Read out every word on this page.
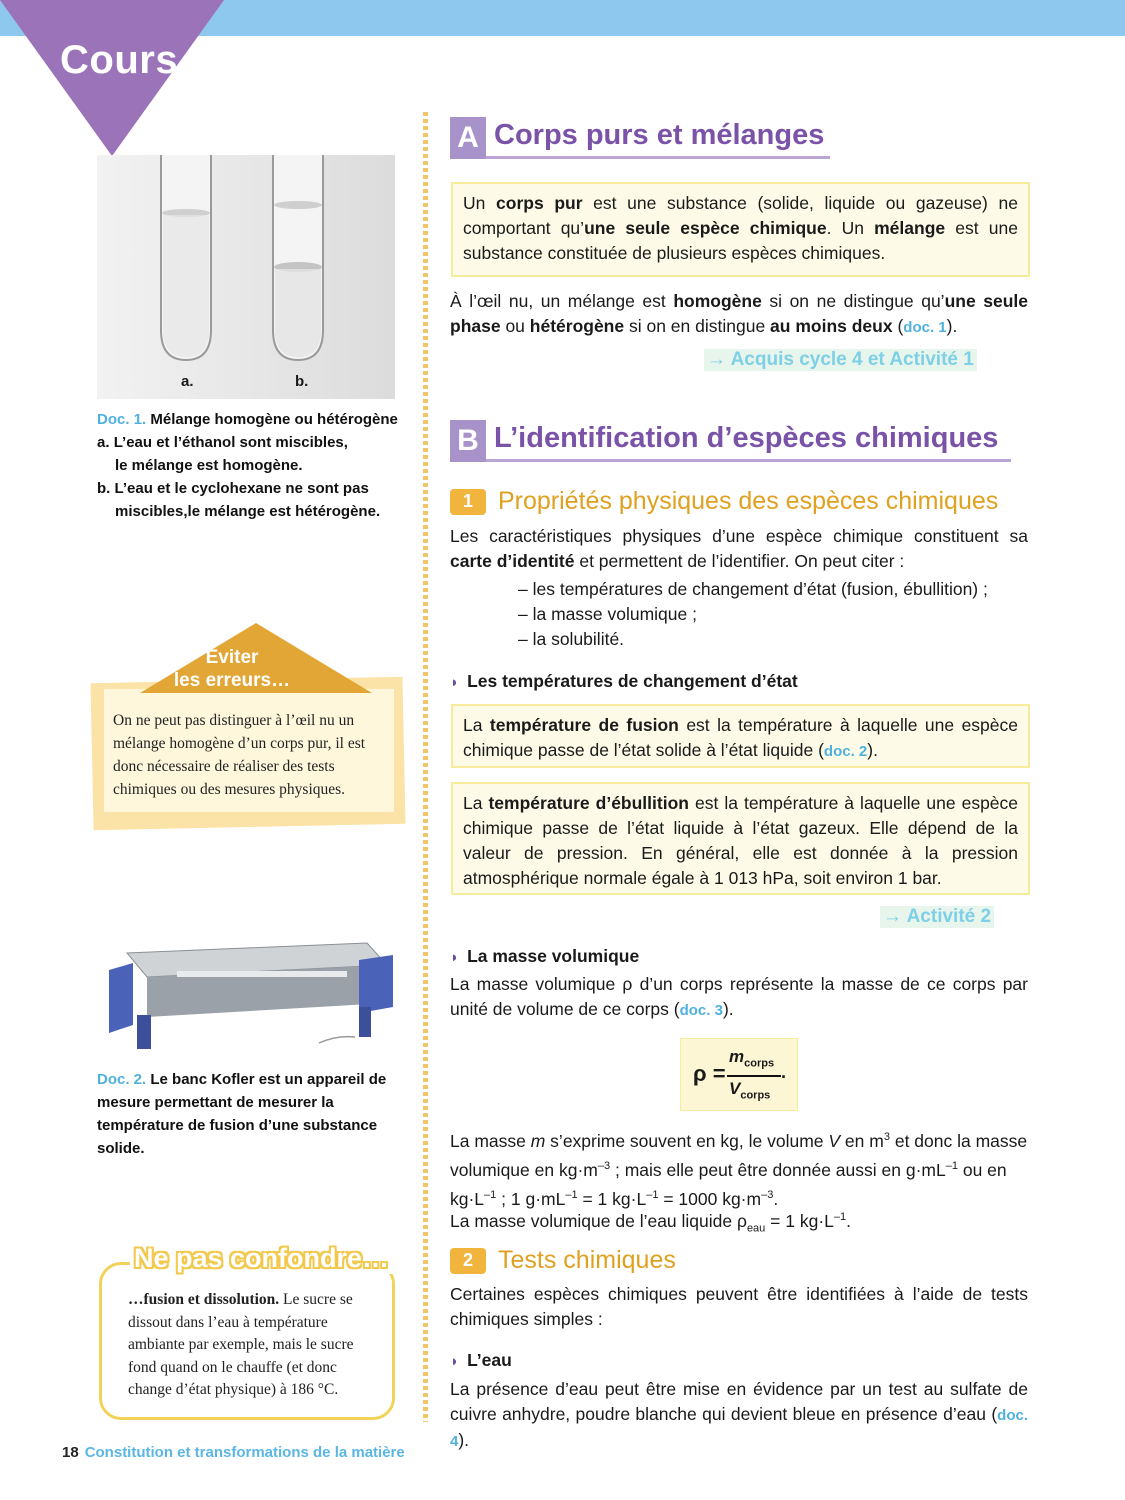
Cours
a.	b.
Doc. 1. Mélange homogène ou hétérogène
a. L’eau et l’éthanol sont miscibles,
le mélange est homogène.
b. L’eau et le cyclohexane ne sont pas
miscibles,le mélange est hétérogène.
Éviter
les erreurs…
On ne peut pas distinguer à l’œil nu un mélange homogène d’un corps pur, il est donc nécessaire de réaliser des tests chimiques ou des mesures physiques.
Doc. 2. Le banc Kofler est un appareil de mesure permettant de mesurer la température de fusion d’une substance solide.
Ne pas confondre…
…fusion et dissolution. Le sucre se dissout dans l’eau à température ambiante par exemple, mais le sucre fond quand on le chauffe (et donc change d’état physique) à 186 °C.
18 Constitution et transformations de la matière
A Corps purs et mélanges
Un corps pur est une substance (solide, liquide ou gazeuse) ne comportant qu’une seule espèce chimique. Un mélange est une substance constituée de plusieurs espèces chimiques.
À l’œil nu, un mélange est homogène si on ne distingue qu’une seule phase ou hétérogène si on en distingue au moins deux (doc. 1).
→ Acquis cycle 4 et Activité 1
B L’identification d’espèces chimiques
1	Propriétés physiques des espèces chimiques
Les caractéristiques physiques d’une espèce chimique constituent sa carte d’identité et permettent de l’identifier. On peut citer :
– les températures de changement d’état (fusion, ébullition) ;
– la masse volumique ;
– la solubilité.
◗ Les températures de changement d’état
La température de fusion est la température à laquelle une espèce chimique passe de l’état solide à l’état liquide (doc. 2).
La température d’ébullition est la température à laquelle une espèce chimique passe de l’état liquide à l’état gazeux. Elle dépend de la valeur de pression. En général, elle est donnée à la pression atmosphérique normale égale à 1 013 hPa, soit environ 1 bar.
→ Activité 2
◗ La masse volumique
La masse volumique ρ d’un corps représente la masse de ce corps par unité de volume de ce corps (doc. 3).
ρ =
$m_{corps}$
$V_{corps}$
.
La masse m s’exprime souvent en kg, le volume V en $m^3$ et donc la masse volumique en $kg\cdot m^{-3}$ ; mais elle peut être donnée aussi en $g\cdot mL^{-1}$ ou en $kg\cdot L^{-1}$ ; 1 $g\cdot mL^{-1} = 1$ $kg\cdot L^{-1} = 1000$ $kg\cdot m^{-3}$.
La masse volumique de l’eau liquide $\rho_{eau} = 1$ $kg\cdot L^{-1}$.
2	Tests chimiques
Certaines espèces chimiques peuvent être identifiées à l’aide de tests chimiques simples :
◗ L’eau
La présence d’eau peut être mise en évidence par un test au sulfate de cuivre anhydre, poudre blanche qui devient bleue en présence d’eau (doc. 4).
